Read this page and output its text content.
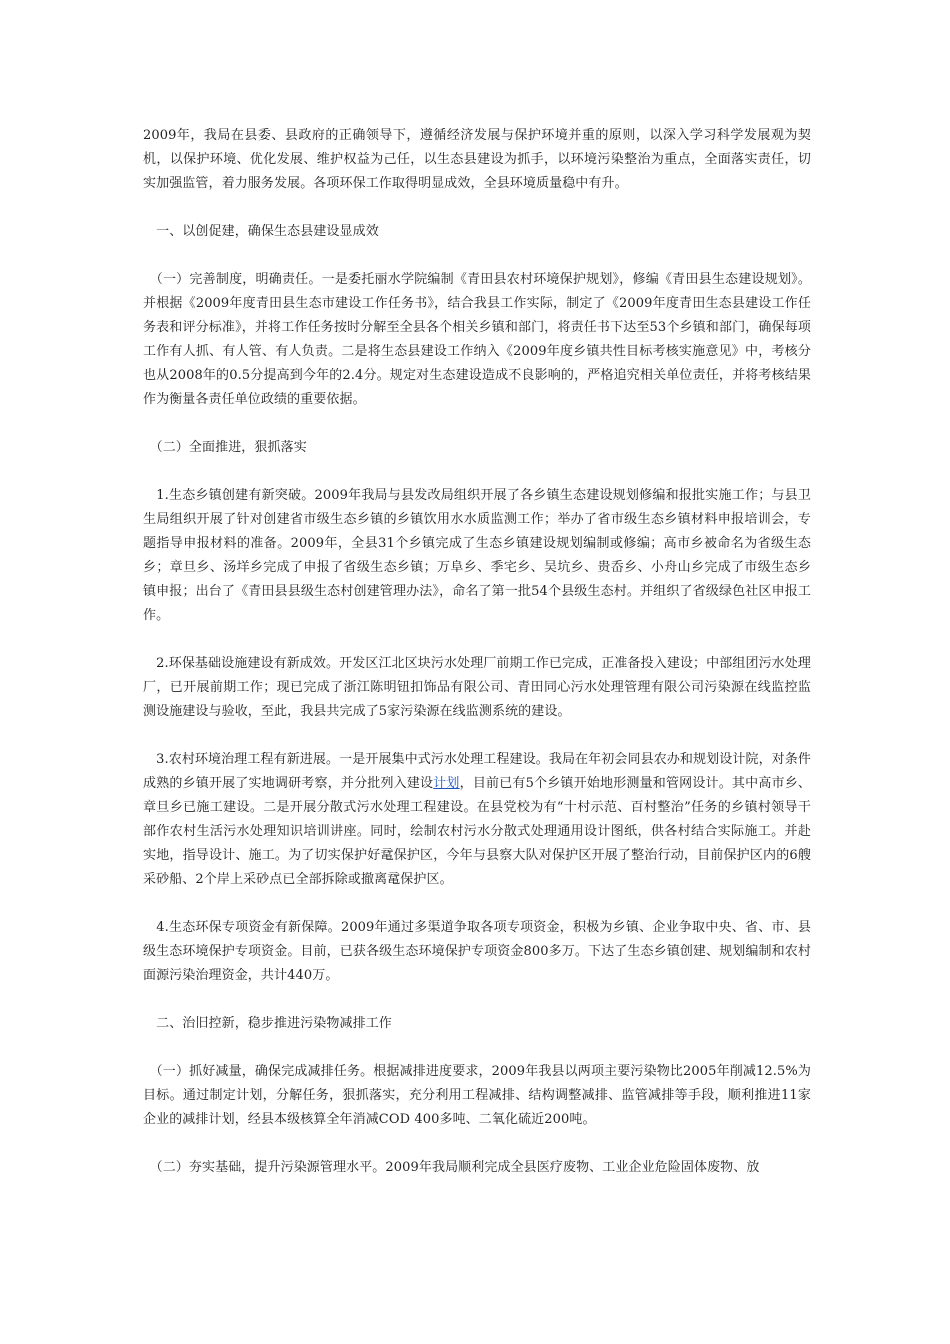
2009年，我局在县委、县政府的正确领导下，遵循经济发展与保护环境并重的原则，以深入学习科学发展观为契机，以保护环境、优化发展、维护权益为己任，以生态县建设为抓手，以环境污染整治为重点，全面落实责任，切实加强监管，着力服务发展。各项环保工作取得明显成效，全县环境质量稳中有升。

　一、以创促建，确保生态县建设显成效

　（一）完善制度，明确责任。一是委托丽水学院编制《青田县农村环境保护规划》，修编《青田县生态建设规划》。并根据《2009年度青田县生态市建设工作任务书》，结合我县工作实际，制定了《2009年度青田生态县建设工作任务表和评分标准》，并将工作任务按时分解至全县各个相关乡镇和部门，将责任书下达至53个乡镇和部门，确保每项工作有人抓、有人管、有人负责。二是将生态县建设工作纳入《2009年度乡镇共性目标考核实施意见》中，考核分也从2008年的0.5分提高到今年的2.4分。规定对生态建设造成不良影响的，严格追究相关单位责任，并将考核结果作为衡量各责任单位政绩的重要依据。

　（二）全面推进，狠抓落实

　1.生态乡镇创建有新突破。2009年我局与县发改局组织开展了各乡镇生态建设规划修编和报批实施工作；与县卫生局组织开展了针对创建省市级生态乡镇的乡镇饮用水水质监测工作；举办了省市级生态乡镇材料申报培训会，专题指导申报材料的准备。2009年，全县31个乡镇完成了生态乡镇建设规划编制或修编；高市乡被命名为省级生态乡；章旦乡、汤垟乡完成了申报了省级生态乡镇；万阜乡、季宅乡、吴坑乡、贵岙乡、小舟山乡完成了市级生态乡镇申报；出台了《青田县县级生态村创建管理办法》，命名了第一批54个县级生态村。并组织了省级绿色社区申报工作。

　2.环保基础设施建设有新成效。开发区江北区块污水处理厂前期工作已完成，正准备投入建设；中部组团污水处理厂，已开展前期工作；现已完成了浙江陈明钮扣饰品有限公司、青田同心污水处理管理有限公司污染源在线监控监测设施建设与验收，至此，我县共完成了5家污染源在线监测系统的建设。

　3.农村环境治理工程有新进展。一是开展集中式污水处理工程建设。我局在年初会同县农办和规划设计院，对条件成熟的乡镇开展了实地调研考察，并分批列入建设计划，目前已有5个乡镇开始地形测量和管网设计。其中高市乡、章旦乡已施工建设。二是开展分散式污水处理工程建设。在县党校为有“十村示范、百村整治”任务的乡镇村领导干部作农村生活污水处理知识培训讲座。同时，绘制农村污水分散式处理通用设计图纸，供各村结合实际施工。并赴实地，指导设计、施工。为了切实保护好鼋保护区，今年与县察大队对保护区开展了整治行动，目前保护区内的6艘采砂船、2个岸上采砂点已全部拆除或撤离鼋保护区。

　4.生态环保专项资金有新保障。2009年通过多渠道争取各项专项资金，积极为乡镇、企业争取中央、省、市、县级生态环境保护专项资金。目前，已获各级生态环境保护专项资金800多万。下达了生态乡镇创建、规划编制和农村面源污染治理资金，共计440万。

　二、治旧控新，稳步推进污染物减排工作

　（一）抓好减量，确保完成减排任务。根据减排进度要求，2009年我县以两项主要污染物比2005年削减12.5%为目标。通过制定计划，分解任务，狠抓落实，充分利用工程减排、结构调整减排、监管减排等手段，顺利推进11家企业的减排计划，经县本级核算全年消减COD 400多吨、二氧化硫近200吨。

　（二）夯实基础，提升污染源管理水平。2009年我局顺利完成全县医疗废物、工业企业危险固体废物、放
